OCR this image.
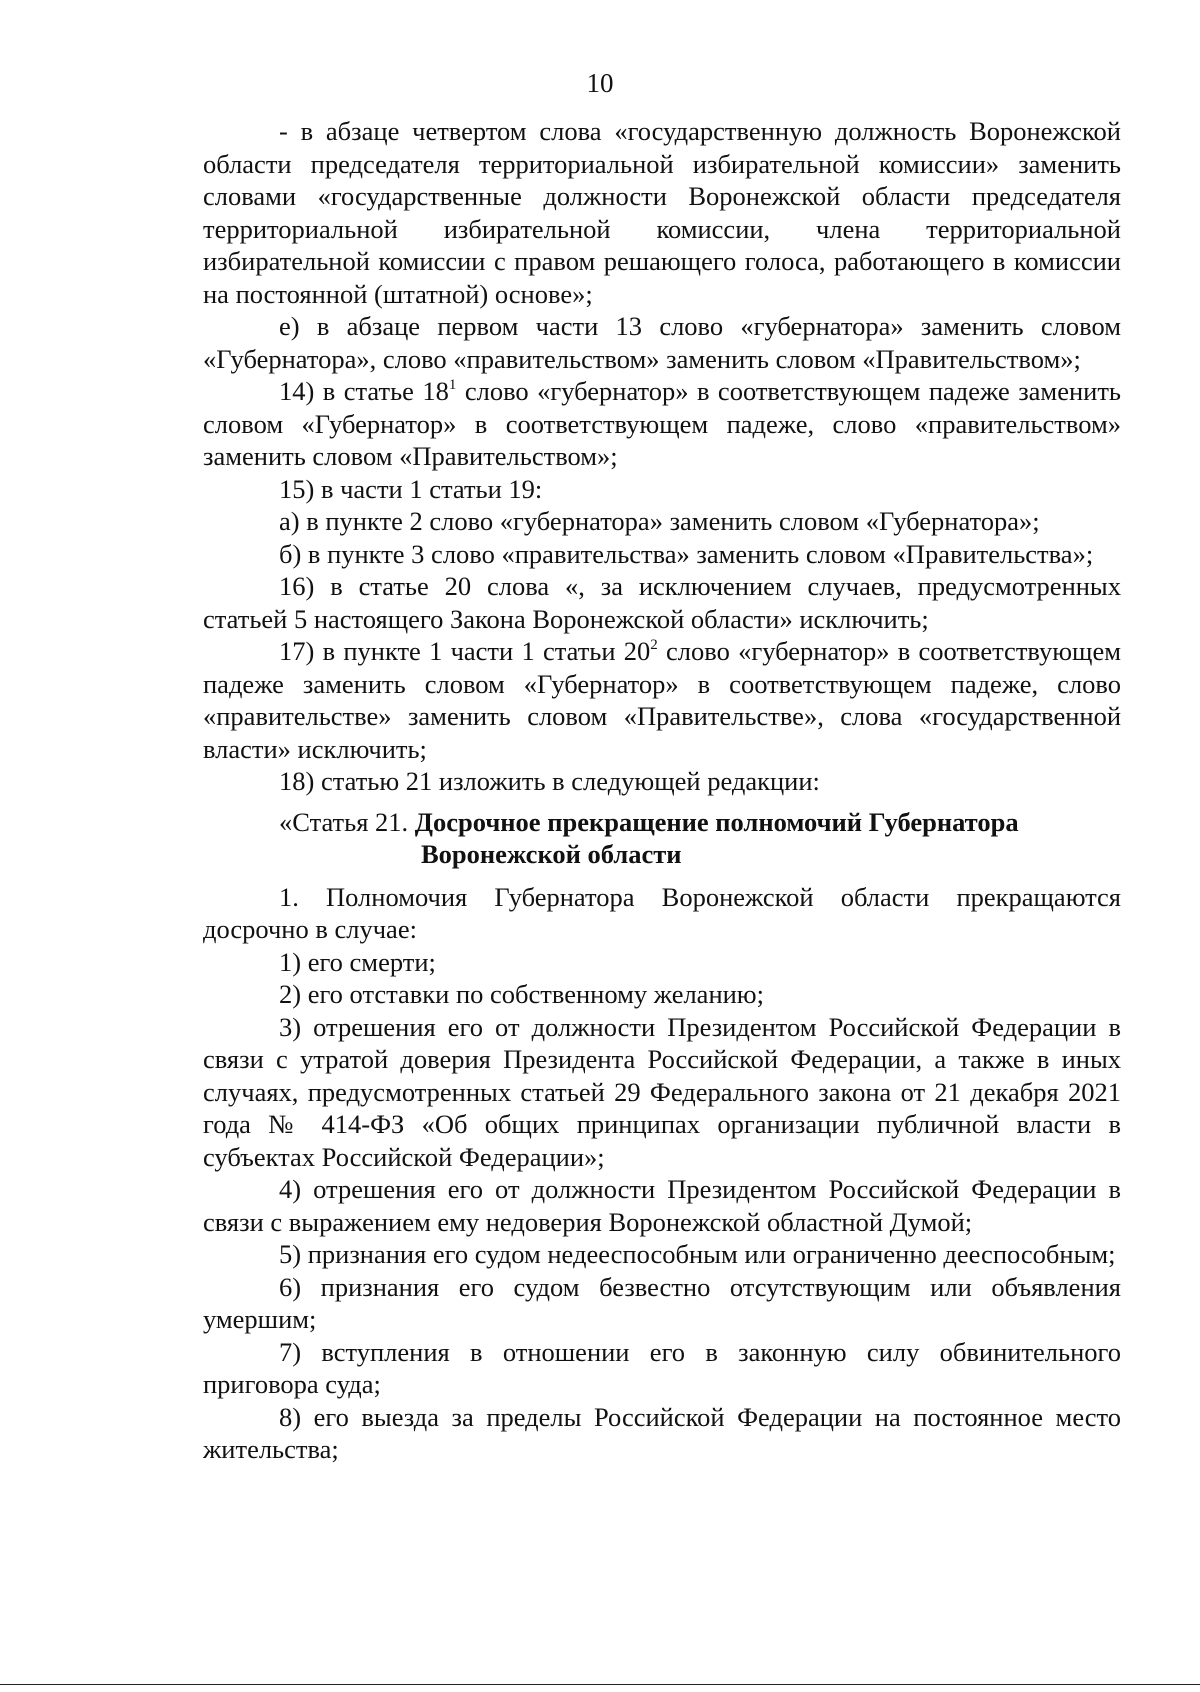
10

- в абзаце четвертом слова «государственную должность Воронежской области председателя территориальной избирательной комиссии» заменить словами «государственные должности Воронежской области председателя территориальной избирательной комиссии, члена территориальной избирательной комиссии с правом решающего голоса, работающего в комиссии на постоянной (штатной) основе»;

е) в абзаце первом части 13 слово «губернатора» заменить словом «Губернатора», слово «правительством» заменить словом «Правительством»;

14) в статье $18^1$ слово «губернатор» в соответствующем падеже заменить словом «Губернатор» в соответствующем падеже, слово «правительством» заменить словом «Правительством»;

15) в части 1 статьи 19:

а) в пункте 2 слово «губернатора» заменить словом «Губернатора»;

б) в пункте 3 слово «правительства» заменить словом «Правительства»;

16) в статье 20 слова «, за исключением случаев, предусмотренных статьей 5 настоящего Закона Воронежской области» исключить;

17) в пункте 1 части 1 статьи $20^2$ слово «губернатор» в соответствующем падеже заменить словом «Губернатор» в соответствующем падеже, слово «правительстве» заменить словом «Правительстве», слова «государственной власти» исключить;

18) статью 21 изложить в следующей редакции:

«Статья 21. Досрочное прекращение полномочий Губернатора
Воронежской области

1. Полномочия Губернатора Воронежской области прекращаются досрочно в случае:

1) его смерти;

2) его отставки по собственному желанию;

3) отрешения его от должности Президентом Российской Федерации в связи с утратой доверия Президента Российской Федерации, а также в иных случаях, предусмотренных статьей 29 Федерального закона от 21 декабря 2021 года № 414-ФЗ «Об общих принципах организации публичной власти в субъектах Российской Федерации»;

4) отрешения его от должности Президентом Российской Федерации в связи с выражением ему недоверия Воронежской областной Думой;

5) признания его судом недееспособным или ограниченно дееспособным;

6) признания его судом безвестно отсутствующим или объявления умершим;

7) вступления в отношении его в законную силу обвинительного приговора суда;

8) его выезда за пределы Российской Федерации на постоянное место жительства;
